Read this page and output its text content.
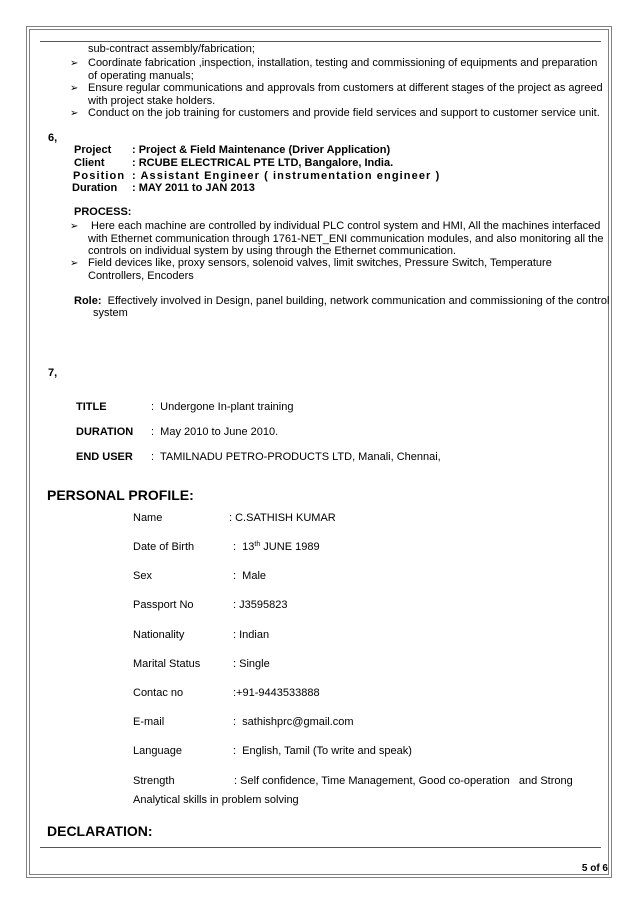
sub-contract assembly/fabrication;
➢ Coordinate fabrication ,inspection, installation, testing and commissioning of equipments and preparation
of operating manuals;
➢ Ensure regular communications and approvals from customers at different stages of the project as agreed
with project stake holders.
➢ Conduct on the job training for customers and provide field services and support to customer service unit.
6,
Project : Project & Field Maintenance (Driver Application)
Client : RCUBE ELECTRICAL PTE LTD, Bangalore, India.
Position : Assistant Engineer ( instrumentation engineer )
Duration : MAY 2011 to JAN 2013
PROCESS:
➢ Here each machine are controlled by individual PLC control system and HMI, All the machines interfaced
with Ethernet communication through 1761-NET_ENI communication modules, and also monitoring all the
controls on individual system by using through the Ethernet communication.
➢ Field devices like, proxy sensors, solenoid valves, limit switches, Pressure Switch, Temperature
Controllers, Encoders
Role:  Effectively involved in Design, panel building, network communication and commissioning of the control
system
7,
TITLE	:  Undergone In-plant training
DURATION :  May 2010 to June 2010.
END USER :  TAMILNADU PETRO-PRODUCTS LTD, Manali, Chennai,
PERSONAL PROFILE:
Name	: C.SATHISH KUMAR
Date of Birth	:  13th JUNE 1989
Sex	:  Male
Passport No	: J3595823
Nationality	: Indian
Marital Status	: Single
Contac no	:+91-9443533888
E-mail	:  sathishprc@gmail.com
Language	:  English, Tamil (To write and speak)
Strength	: Self confidence, Time Management, Good co-operation   and Strong
Analytical skills in problem solving
DECLARATION:
5 of 6
